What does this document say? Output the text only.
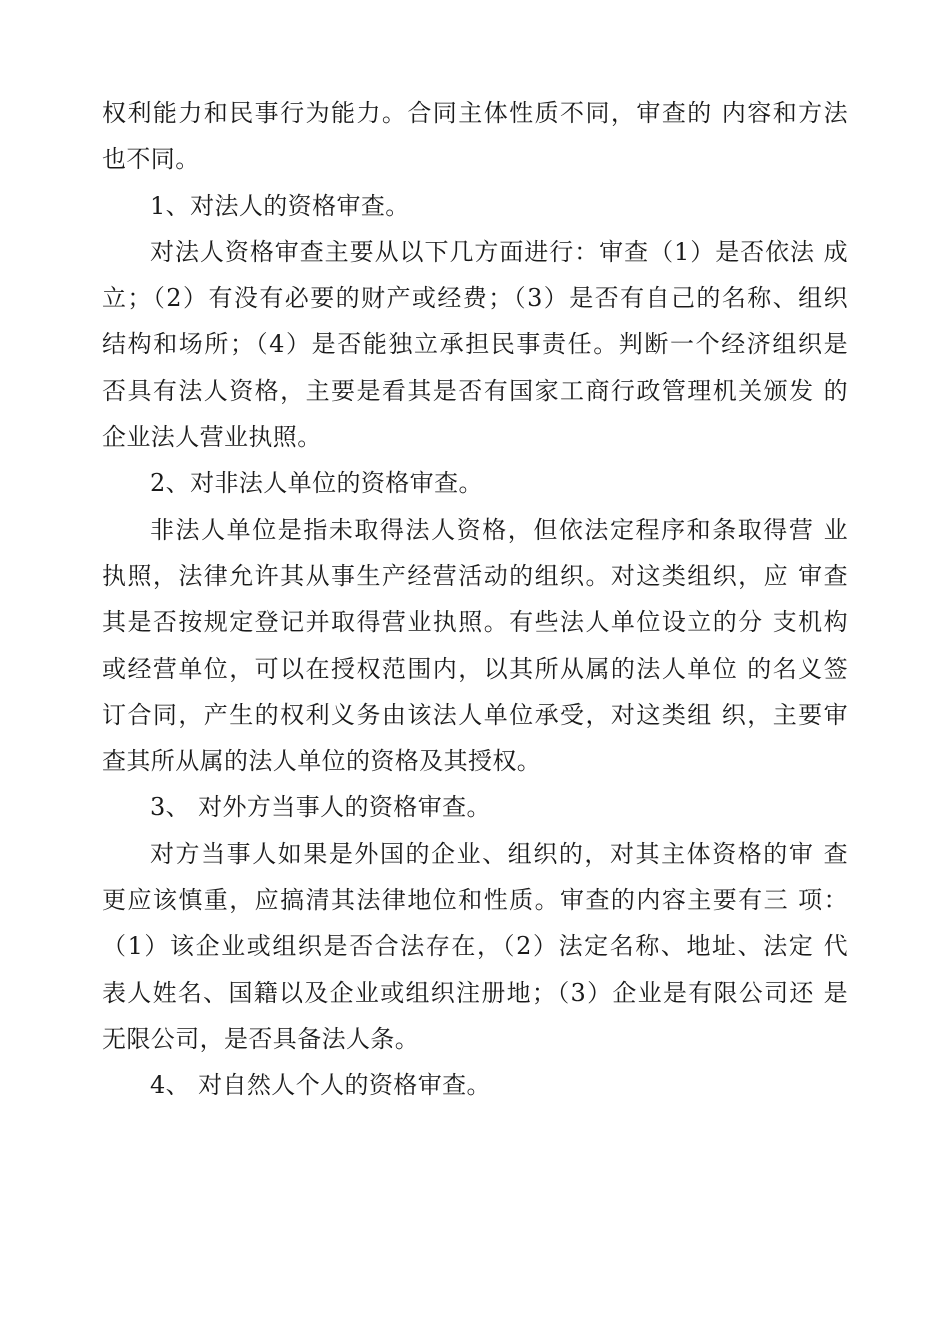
权利能力和民事行为能力。合同主体性质不同，审查的 内容和方法
也不同。
1、对法人的资格审查。
对法人资格审查主要从以下几方面进行：审查（1）是否依法 成
立；（2）有没有必要的财产或经费；（3）是否有自己的名称、组织
结构和场所；（4）是否能独立承担民事责任。判断一个经济组织是
否具有法人资格，主要是看其是否有国家工商行政管理机关颁发 的
企业法人营业执照。
2、对非法人单位的资格审查。
非法人单位是指未取得法人资格，但依法定程序和条取得营 业
执照，法律允许其从事生产经营活动的组织。对这类组织，应 审查
其是否按规定登记并取得营业执照。有些法人单位设立的分 支机构
或经营单位，可以在授权范围内，以其所从属的法人单位 的名义签
订合同，产生的权利义务由该法人单位承受，对这类组 织，主要审
查其所从属的法人单位的资格及其授权。
3、 对外方当事人的资格审查。
对方当事人如果是外国的企业、组织的，对其主体资格的审 查
更应该慎重，应搞清其法律地位和性质。审查的内容主要有三 项：
（1）该企业或组织是否合法存在，（2）法定名称、地址、法定 代
表人姓名、国籍以及企业或组织注册地；（3）企业是有限公司还 是
无限公司，是否具备法人条。
4、 对自然人个人的资格审查。
